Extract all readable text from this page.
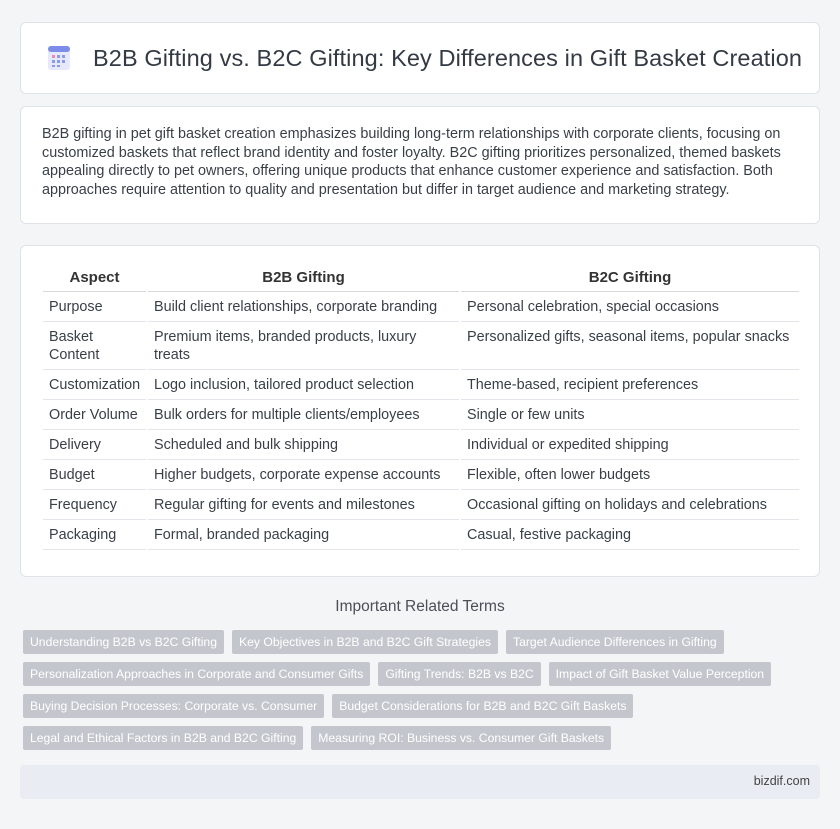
B2B Gifting vs. B2C Gifting: Key Differences in Gift Basket Creation

B2B gifting in pet gift basket creation emphasizes building long-term relationships with corporate clients, focusing on customized baskets that reflect brand identity and foster loyalty. B2C gifting prioritizes personalized, themed baskets appealing directly to pet owners, offering unique products that enhance customer experience and satisfaction. Both approaches require attention to quality and presentation but differ in target audience and marketing strategy.

Aspect	B2B Gifting	B2C Gifting
Purpose	Build client relationships, corporate branding	Personal celebration, special occasions
Basket Content	Premium items, branded products, luxury treats	Personalized gifts, seasonal items, popular snacks
Customization	Logo inclusion, tailored product selection	Theme-based, recipient preferences
Order Volume	Bulk orders for multiple clients/employees	Single or few units
Delivery	Scheduled and bulk shipping	Individual or expedited shipping
Budget	Higher budgets, corporate expense accounts	Flexible, often lower budgets
Frequency	Regular gifting for events and milestones	Occasional gifting on holidays and celebrations
Packaging	Formal, branded packaging	Casual, festive packaging
Important Related Terms
Understanding B2B vs B2C Gifting	Key Objectives in B2B and B2C Gift Strategies	Target Audience Differences in Gifting
Personalization Approaches in Corporate and Consumer Gifts	Gifting Trends: B2B vs B2C	Impact of Gift Basket Value Perception
Buying Decision Processes: Corporate vs. Consumer	Budget Considerations for B2B and B2C Gift Baskets
Legal and Ethical Factors in B2B and B2C Gifting	Measuring ROI: Business vs. Consumer Gift Baskets
bizdif.com
